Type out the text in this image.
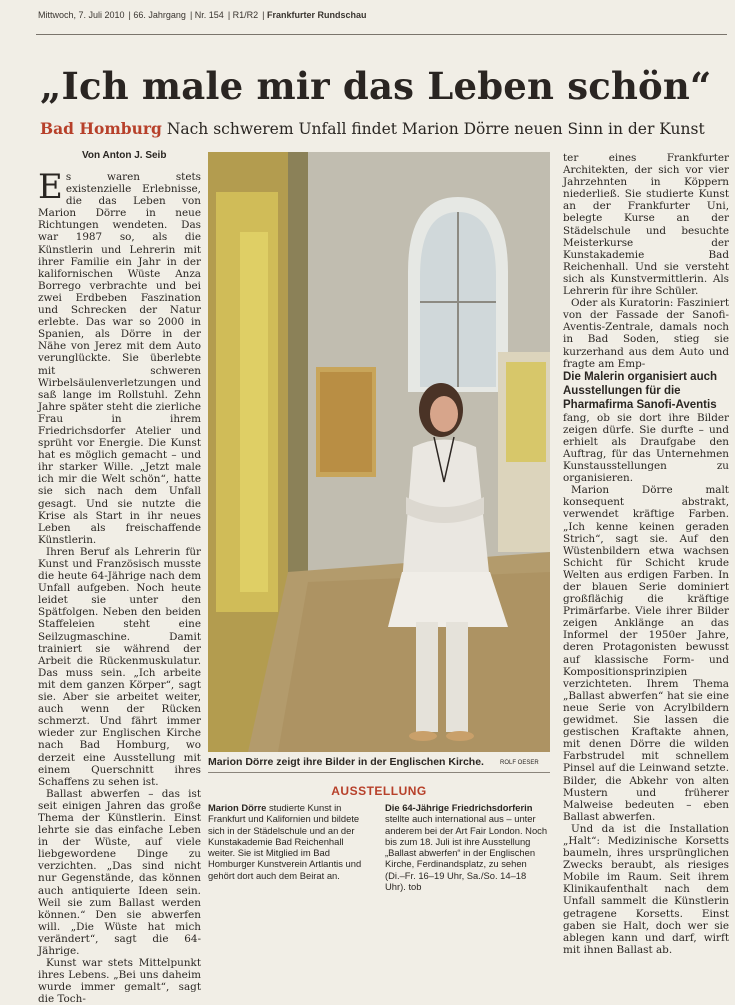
Mittwoch, 7. Juli 2010 | 66. Jahrgang | Nr. 154 | R1/R2 | Frankfurter Rundschau
„Ich male mir das Leben schön“
Bad Homburg Nach schwerem Unfall findet Marion Dörre neuen Sinn in der Kunst
Von Anton J. Seib

Es waren stets existenzielle Erlebnisse, die das Leben von Marion Dörre in neue Richtungen wendeten. Das war 1987 so, als die Künstlerin und Lehrerin mit ihrer Familie ein Jahr in der kalifornischen Wüste Anza Borrego verbrachte und bei zwei Erdbeben Faszination und Schrecken der Natur erlebte. Das war so 2000 in Spanien, als Dörre in der Nähe von Jerez mit dem Auto verunglückte. Sie überlebte mit schweren Wirbelsäulenverletzungen und saß lange im Rollstuhl. Zehn Jahre später steht die zierliche Frau in ihrem Friedrichsdorfer Atelier und sprüht vor Energie. Die Kunst hat es möglich gemacht – und ihr starker Wille. „Jetzt male ich mir die Welt schön“, hatte sie sich nach dem Unfall gesagt. Und sie nutzte die Krise als Start in ihr neues Leben als freischaffende Künstlerin.

Ihren Beruf als Lehrerin für Kunst und Französisch musste die heute 64-Jährige nach dem Unfall aufgeben. Noch heute leidet sie unter den Spätfolgen. Neben den beiden Staffeleien steht eine Seilzugmaschine. Damit trainiert sie während der Arbeit die Rückenmuskulatur. Das muss sein. „Ich arbeite mit dem ganzen Körper“, sagt sie. Aber sie arbeitet weiter, auch wenn der Rücken schmerzt. Und fährt immer wieder zur Englischen Kirche nach Bad Homburg, wo derzeit eine Ausstellung mit einem Querschnitt ihres Schaffens zu sehen ist.

Ballast abwerfen – das ist seit einigen Jahren das große Thema der Künstlerin. Einst lehrte sie das einfache Leben in der Wüste, auf viele liebgewordene Dinge zu verzichten. „Das sind nicht nur Gegenstände, das können auch antiquierte Ideen sein. Weil sie zum Ballast werden können.“ Den sie abwerfen will. „Die Wüste hat mich verändert“, sagt die 64-Jährige.

Kunst war stets Mittelpunkt ihres Lebens. „Bei uns daheim wurde immer gemalt“, sagt die Toch-

Marion Dörre zeigt ihre Bilder in der Englischen Kirche.	ROLF OESER
AUSSTELLUNG
Marion Dörre studierte Kunst in Frankfurt und Kalifornien und bildete sich in der Städelschule und an der Kunstakademie Bad Reichenhall weiter. Sie ist Mitglied im Bad Homburger Kunstverein Artlantis und gehört dort auch dem Beirat an.
Die 64-Jährige Friedrichsdorferin stellte auch international aus – unter anderem bei der Art Fair London. Noch bis zum 18. Juli ist ihre Ausstellung „Ballast abwerfen“ in der Englischen Kirche, Ferdinandsplatz, zu sehen (Di.–Fr. 16–19 Uhr, Sa./So. 14–18 Uhr). tob

ter eines Frankfurter Architekten, der sich vor vier Jahrzehnten in Köppern niederließ. Sie studierte Kunst an der Frankfurter Uni, belegte Kurse an der Städelschule und besuchte Meisterkurse der Kunstakademie Bad Reichenhall. Und sie versteht sich als Kunstvermittlerin. Als Lehrerin für ihre Schüler.

Oder als Kuratorin: Fasziniert von der Fassade der Sanofi-Aventis-Zentrale, damals noch in Bad Soden, stieg sie kurzerhand aus dem Auto und fragte am Emp-

Die Malerin organisiert auch Ausstellungen für die Pharmafirma Sanofi-Aventis

fang, ob sie dort ihre Bilder zeigen dürfe. Sie durfte – und erhielt als Draufgabe den Auftrag, für das Unternehmen Kunstausstellungen zu organisieren.

Marion Dörre malt konsequent abstrakt, verwendet kräftige Farben. „Ich kenne keinen geraden Strich“, sagt sie. Auf den Wüstenbildern etwa wachsen Schicht für Schicht krude Welten aus erdigen Farben. In der blauen Serie dominiert großflächig die kräftige Primärfarbe. Viele ihrer Bilder zeigen Anklänge an das Informel der 1950er Jahre, deren Protagonisten bewusst auf klassische Form- und Kompositionsprinzipien verzichteten. Ihrem Thema „Ballast abwerfen“ hat sie eine neue Serie von Acrylbildern gewidmet. Sie lassen die gestischen Kraftakte ahnen, mit denen Dörre die wilden Farbstrudel mit schnellem Pinsel auf die Leinwand setzte. Bilder, die Abkehr von alten Mustern und früherer Malweise bedeuten – eben Ballast abwerfen.

Und da ist die Installation „Halt“: Medizinische Korsetts baumeln, ihres ursprünglichen Zwecks beraubt, als riesiges Mobile im Raum. Seit ihrem Klinikaufenthalt nach dem Unfall sammelt die Künstlerin getragene Korsetts. Einst gaben sie Halt, doch wer sie ablegen kann und darf, wirft mit ihnen Ballast ab.
